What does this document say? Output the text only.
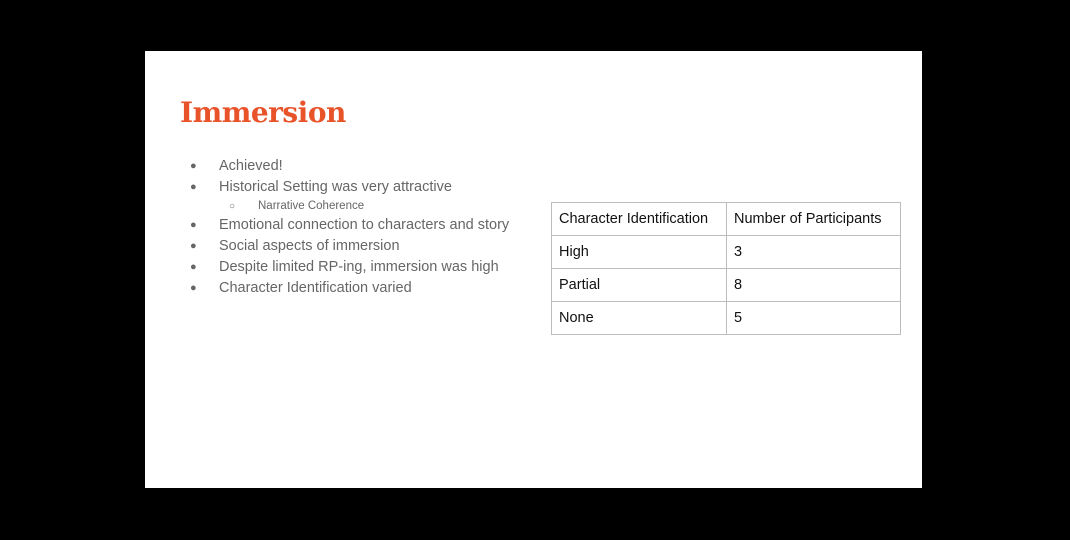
Immersion
● Achieved!
● Historical Setting was very attractive
○ Narrative Coherence
● Emotional connection to characters and story
● Social aspects of immersion
● Despite limited RP-ing, immersion was high
● Character Identification varied
Character Identification	Number of Participants
High	3
Partial	8
None	5
